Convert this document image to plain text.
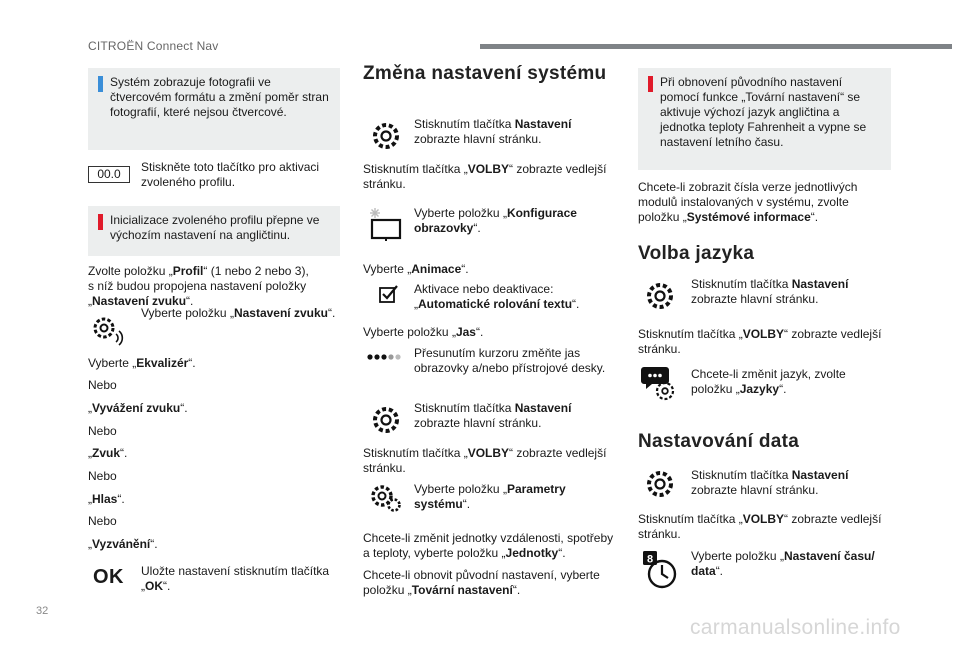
CITROËN Connect Nav
Systém zobrazuje fotografii ve čtvercovém formátu a změní poměr stran fotografií, které nejsou čtvercové.
00.0	Stiskněte toto tlačítko pro aktivaci zvoleného profilu.

Inicializace zvoleného profilu přepne ve výchozím nastavení na angličtinu.

Zvolte položku „Profil“ (1 nebo 2 nebo 3),

s níž budou propojena nastavení položky

„Nastavení zvuku“.

Vyberte položku „Nastavení zvuku“.

Vyberte „Ekvalizér“.

Nebo

„Vyvážení zvuku“.

Nebo

„Zvuk“.

Nebo

„Hlas“.

Nebo

„Vyzvánění“.

OK Uložte nastavení stisknutím tlačítka
„OK“.

Změna nastavení systému

Stisknutím tlačítka Nastavení
zobrazte hlavní stránku.

Stisknutím tlačítka „VOLBY“ zobrazte vedlejší
stránku.

Vyberte položku „Konfigurace obrazovky“.

Vyberte „Animace“.

Aktivace nebo deaktivace:
„Automatické rolování textu“.

Vyberte položku „Jas“.

Přesunutím kurzoru změňte jas obrazovky a/nebo přístrojové desky.

Stisknutím tlačítka Nastavení
zobrazte hlavní stránku.

Stisknutím tlačítka „VOLBY“ zobrazte vedlejší
stránku.

Vyberte položku „Parametry systému“.

Chcete-li změnit jednotky vzdálenosti, spotřeby a teploty, vyberte položku „Jednotky“.

Chcete-li obnovit původní nastavení, vyberte položku „Tovární nastavení“.

Při obnovení původního nastavení pomocí funkce „Tovární nastavení“ se aktivuje výchozí jazyk angličtina a jednotka teploty Fahrenheit a vypne se nastavení letního času.

Chcete-li zobrazit čísla verze jednotlivých modulů instalovaných v systému, zvolte položku „Systémové informace“.

Volba jazyka

Stisknutím tlačítka Nastavení
zobrazte hlavní stránku.

Stisknutím tlačítka „VOLBY“ zobrazte vedlejší
stránku.

Chcete-li změnit jazyk, zvolte položku „Jazyky“.

Nastavování data

Stisknutím tlačítka Nastavení
zobrazte hlavní stránku.

Stisknutím tlačítka „VOLBY“ zobrazte vedlejší
stránku.

8	Vyberte položku „Nastavení času/ data“.

32
carmanualsonline.info
